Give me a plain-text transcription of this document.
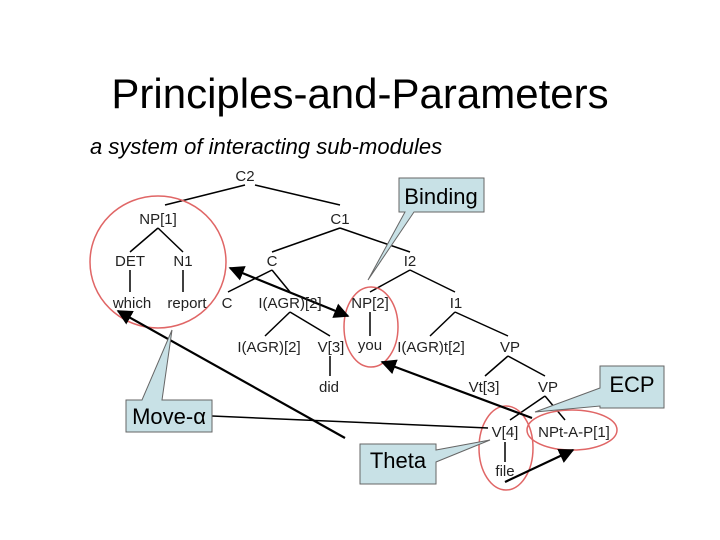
Principles-and-Parameters
a system of interacting sub-modules
Binding
ECP
Move-α
Theta
C2
NP[1]	C1
DET N1	C	I2
which report C I(AGR)[2] NP[2]	I1
I(AGR)[2] V[3] you I(AGR)t[2] VP
did	Vt[3]	VP
V[4] NPt-A-P[1]
file
